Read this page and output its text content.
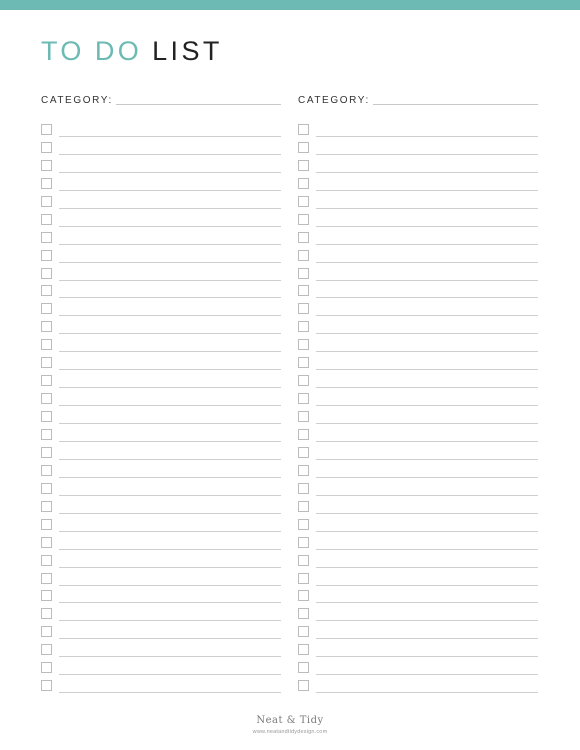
TO DO LIST
CATEGORY:	CATEGORY:
Neat & Tidy
www.neatandtidydesign.com
